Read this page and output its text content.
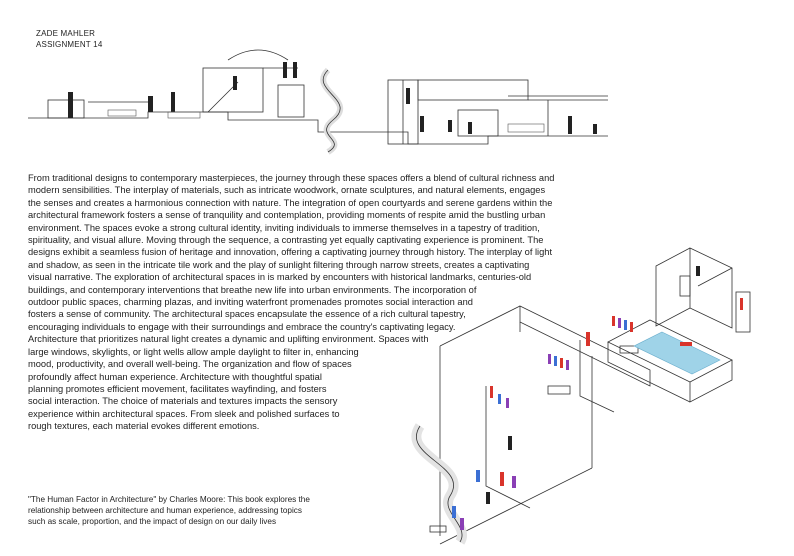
ZADE MAHLER
ASSIGNMENT 14

From traditional designs to contemporary masterpieces, the journey through these spaces offers a blend of cultural richness and
modern sensibilities. The interplay of materials, such as intricate woodwork, ornate sculptures, and natural elements, engages
the senses and creates a harmonious connection with nature. The integration of open courtyards and serene gardens within the
architectural framework fosters a sense of tranquility and contemplation, providing moments of respite amid the bustling urban
environment. The spaces evoke a strong cultural identity, inviting individuals to immerse themselves in a tapestry of tradition,
spirituality, and visual allure. Moving through the sequence, a contrasting yet equally captivating experience is prominent. The
designs exhibit a seamless fusion of heritage and innovation, offering a captivating journey through history. The interplay of light
and shadow, as seen in the intricate tile work and the play of sunlight filtering through narrow streets, creates a captivating
visual narrative. The exploration of architectural spaces in is marked by encounters with historical landmarks, centuries-old
buildings, and contemporary interventions that breathe new life into urban environments. The incorporation of
outdoor public spaces, charming plazas, and inviting waterfront promenades promotes social interaction and
fosters a sense of community. The architectural spaces encapsulate the essence of a rich cultural tapestry,
encouraging individuals to engage with their surroundings and embrace the country's captivating legacy.
Architecture that prioritizes natural light creates a dynamic and uplifting environment. Spaces with
large windows, skylights, or light wells allow ample daylight to filter in, enhancing
mood, productivity, and overall well-being. The organization and flow of spaces
profoundly affect human experience. Architecture with thoughtful spatial
planning promotes efficient movement, facilitates wayfinding, and fosters
social interaction. The choice of materials and textures impacts the sensory
experience within architectural spaces. From sleek and polished surfaces to
rough textures, each material evokes different emotions.

"The Human Factor in Architecture" by Charles Moore: This book explores the
relationship between architecture and human experience, addressing topics
such as scale, proportion, and the impact of design on our daily lives
